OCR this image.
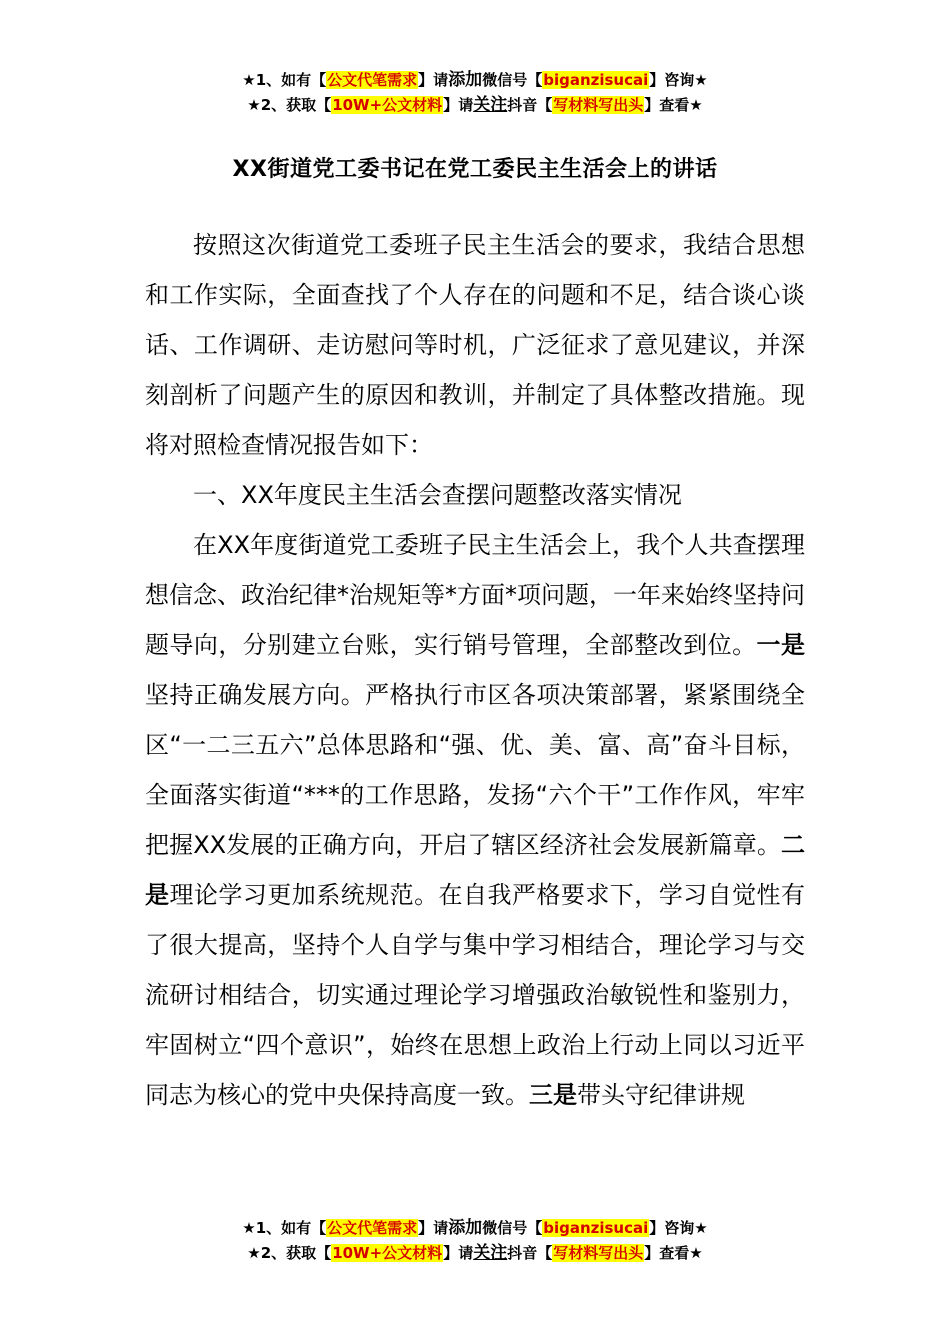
★1、如有【公文代笔需求】请添加微信号【biganzisucai】咨询★
★2、获取【10W+公文材料】请关注抖音【写材料写出头】查看★
XX街道党工委书记在党工委民主生活会上的讲话

按照这次街道党工委班子民主生活会的要求，我结合思想和工作实际，全面查找了个人存在的问题和不足，结合谈心谈话、工作调研、走访慰问等时机，广泛征求了意见建议，并深刻剖析了问题产生的原因和教训，并制定了具体整改措施。现将对照检查情况报告如下：

一、XX年度民主生活会查摆问题整改落实情况

在XX年度街道党工委班子民主生活会上，我个人共查摆理想信念、政治纪律*治规矩等*方面*项问题，一年来始终坚持问题导向，分别建立台账，实行销号管理，全部整改到位。一是坚持正确发展方向。严格执行市区各项决策部署，紧紧围绕全区“一二三五六”总体思路和“强、优、美、富、高”奋斗目标，全面落实街道“***的工作思路，发扬“六个干”工作作风，牢牢把握XX发展的正确方向，开启了辖区经济社会发展新篇章。二是理论学习更加系统规范。在自我严格要求下，学习自觉性有了很大提高，坚持个人自学与集中学习相结合，理论学习与交流研讨相结合，切实通过理论学习增强政治敏锐性和鉴别力，牢固树立“四个意识”，始终在思想上政治上行动上同以习近平同志为核心的党中央保持高度一致。三是带头守纪律讲规

★1、如有【公文代笔需求】请添加微信号【biganzisucai】咨询★
★2、获取【10W+公文材料】请关注抖音【写材料写出头】查看★
